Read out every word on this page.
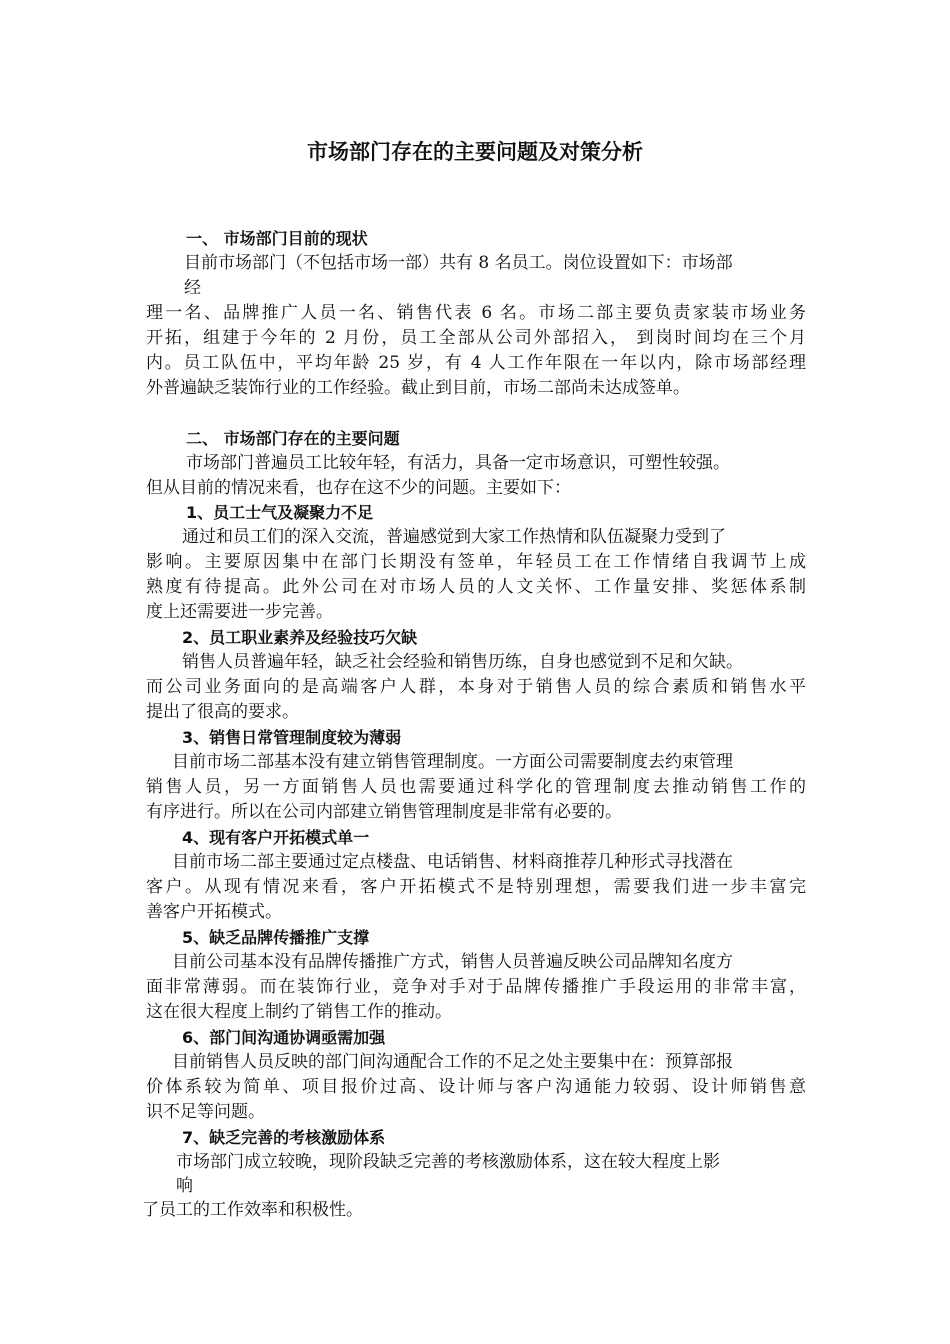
市场部门存在的主要问题及对策分析

一、 市场部门目前的现状

目前市场部门（不包括市场一部）共有 8 名员工。岗位设置如下：市场部

经

理一名、品牌推广人员一名、销售代表 6 名。市场二部主要负责家装市场业务

开拓，组建于今年的 2 月份，员工全部从公司外部招入， 到岗时间均在三个月

内。员工队伍中，平均年龄 25 岁，有 4 人工作年限在一年以内，除市场部经理

外普遍缺乏装饰行业的工作经验。截止到目前，市场二部尚未达成签单。

二、 市场部门存在的主要问题

市场部门普遍员工比较年轻，有活力，具备一定市场意识，可塑性较强。

但从目前的情况来看，也存在这不少的问题。主要如下：

1、员工士气及凝聚力不足

通过和员工们的深入交流，普遍感觉到大家工作热情和队伍凝聚力受到了

影响。主要原因集中在部门长期没有签单，年轻员工在工作情绪自我调节上成

熟度有待提高。此外公司在对市场人员的人文关怀、工作量安排、奖惩体系制

度上还需要进一步完善。

2、员工职业素养及经验技巧欠缺

销售人员普遍年轻，缺乏社会经验和销售历练，自身也感觉到不足和欠缺。

而公司业务面向的是高端客户人群，本身对于销售人员的综合素质和销售水平

提出了很高的要求。

3、销售日常管理制度较为薄弱

目前市场二部基本没有建立销售管理制度。一方面公司需要制度去约束管理

销售人员，另一方面销售人员也需要通过科学化的管理制度去推动销售工作的

有序进行。所以在公司内部建立销售管理制度是非常有必要的。

4、现有客户开拓模式单一

目前市场二部主要通过定点楼盘、电话销售、材料商推荐几种形式寻找潜在

客户。从现有情况来看，客户开拓模式不是特别理想，需要我们进一步丰富完

善客户开拓模式。

5、缺乏品牌传播推广支撑

目前公司基本没有品牌传播推广方式，销售人员普遍反映公司品牌知名度方

面非常薄弱。而在装饰行业，竞争对手对于品牌传播推广手段运用的非常丰富，

这在很大程度上制约了销售工作的推动。

6、部门间沟通协调亟需加强

目前销售人员反映的部门间沟通配合工作的不足之处主要集中在：预算部报

价体系较为简单、项目报价过高、设计师与客户沟通能力较弱、设计师销售意

识不足等问题。

7、缺乏完善的考核激励体系

市场部门成立较晚，现阶段缺乏完善的考核激励体系，这在较大程度上影

响

了员工的工作效率和积极性。
